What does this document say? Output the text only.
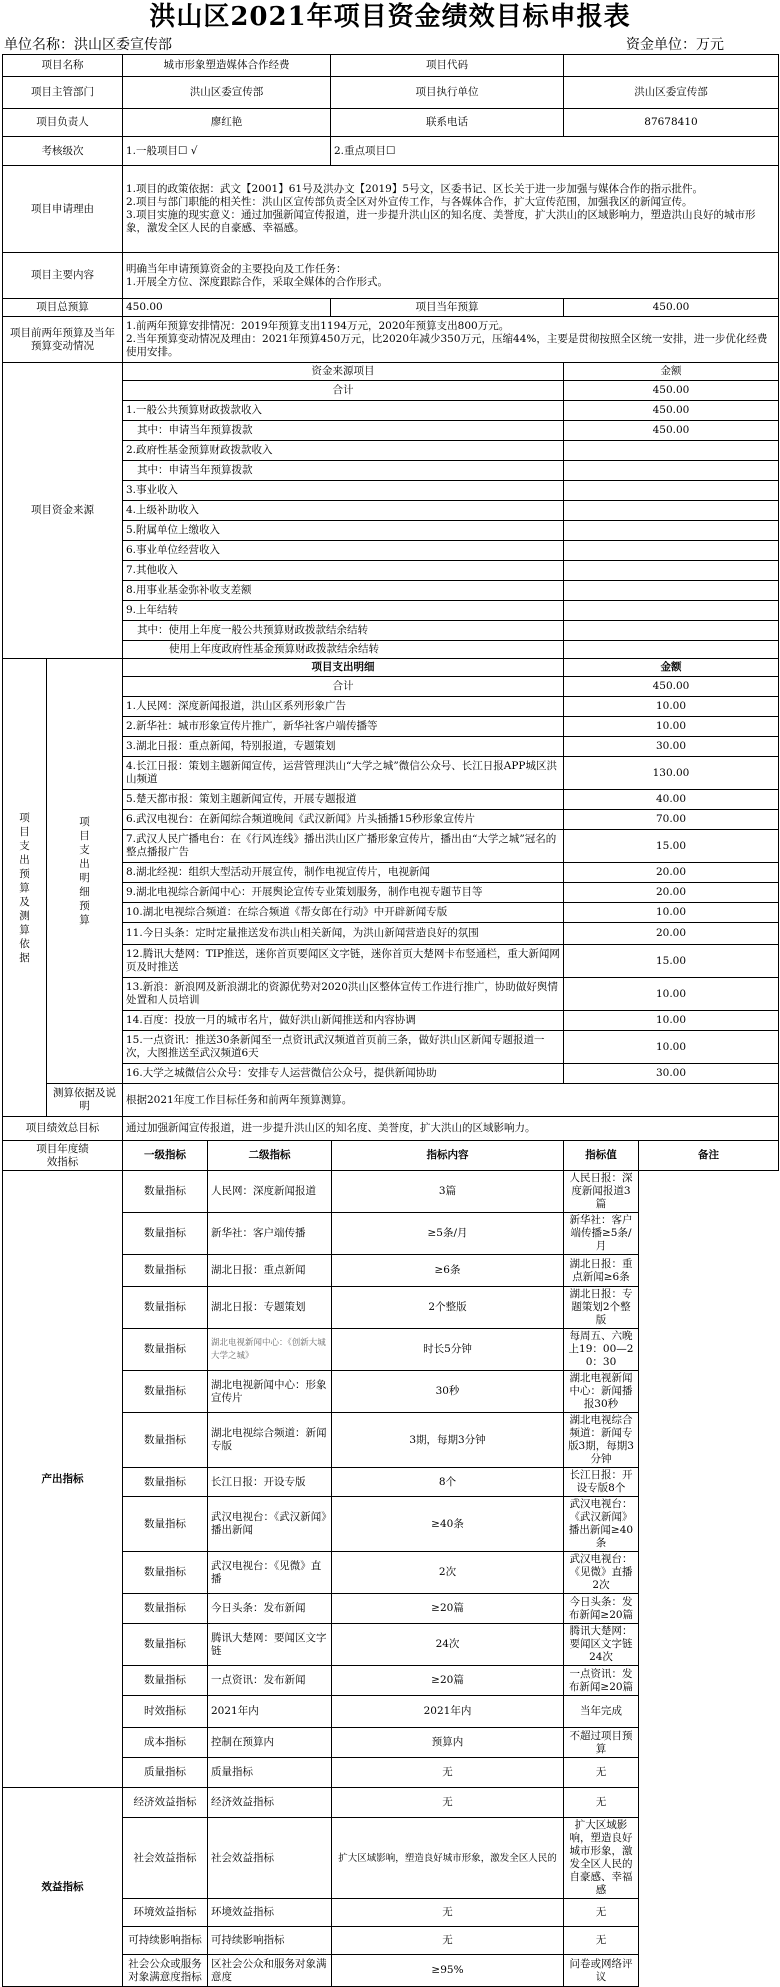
洪山区2021年项目资金绩效目标申报表
单位名称：洪山区委宣传部	资金单位：万元
项目名称	城市形象塑造媒体合作经费	项目代码	
项目主管部门	洪山区委宣传部	项目执行单位	洪山区委宣传部
项目负责人	廖红艳	联系电话	87678410
考核级次	1.一般项目☐ √	2.重点项目☐	
项目申请理由	1.项目的政策依据：武文【2001】61号及洪办文【2019】5号文，区委书记、区长关于进一步加强与媒体合作的指示批件。
2.项目与部门职能的相关性：洪山区宣传部负责全区对外宣传工作，与各媒体合作，扩大宣传范围，加强我区的新闻宣传。
3.项目实施的现实意义：通过加强新闻宣传报道，进一步提升洪山区的知名度、美誉度，扩大洪山的区域影响力，塑造洪山良好的城市形象，激发全区人民的自豪感、幸福感。		

项目主要内容	明确当年申请预算资金的主要投向及工作任务：
1.开展全方位、深度跟踪合作，采取全媒体的合作形式。		

项目总预算	450.00	项目当年预算	450.00
项目前两年预算及当年预算变动情况	1.前两年预算安排情况：2019年预算支出1194万元，2020年预算支出800万元。
2.当年预算变动情况及理由：2021年预算450万元，比2020年减少350万元，压缩44%，主要是贯彻按照全区统一安排，进一步优化经费使用安排。		
项目资金来源	资金来源项目	金额
	合计	450.00
	1.一般公共预算财政拨款收入	450.00
	其中：申请当年预算拨款	450.00
	2.政府性基金预算财政拨款收入	
	其中：申请当年预算拨款	
	3.事业收入	
	4.上级补助收入	
	5.附属单位上缴收入	
	6.事业单位经营收入	
	7.其他收入	
	8.用事业基金弥补收支差额	
	9.上年结转	
	其中：使用上年度一般公共预算财政拨款结余结转	
	使用上年度政府性基金预算财政拨款结余结转	
项目支出预算及测算依据	项目支出明细预算	项目支出明细	金额
		合计	450.00
		1.人民网：深度新闻报道，洪山区系列形象广告	10.00
		2.新华社：城市形象宣传片推广，新华社客户端传播等	10.00
		3.湖北日报：重点新闻，特别报道，专题策划	30.00
		4.长江日报：策划主题新闻宣传，运营管理洪山“大学之城”微信公众号、长江日报APP城区洪山频道	130.00
		5.楚天都市报：策划主题新闻宣传，开展专题报道	40.00
		6.武汉电视台：在新闻综合频道晚间《武汉新闻》片头插播15秒形象宣传片	70.00
		7.武汉人民广播电台：在《行风连线》播出洪山区广播形象宣传片，播出由“大学之城”冠名的整点播报广告	15.00
		8.湖北经视：组织大型活动开展宣传，制作电视宣传片，电视新闻	20.00
		9.湖北电视综合新闻中心：开展舆论宣传专业策划服务，制作电视专题节目等	20.00
		10.湖北电视综合频道：在综合频道《帮女郎在行动》中开辟新闻专版	10.00
		11.今日头条：定时定量推送发布洪山相关新闻，为洪山新闻营造良好的氛围	20.00
		12.腾讯大楚网：TIP推送，迷你首页要闻区文字链，迷你首页大楚网卡布竖通栏，重大新闻网页及时推送	15.00
		13.新浪：新浪网及新浪湖北的资源优势对2020洪山区整体宣传工作进行推广，协助做好舆情处置和人员培训	10.00
		14.百度：投放一月的城市名片，做好洪山新闻推送和内容协调	10.00
		15.一点资讯：推送30条新闻至一点资讯武汉频道首页前三条，做好洪山区新闻专题报道一次，大图推送至武汉频道6天	10.00
		16.大学之城微信公众号：安排专人运营微信公众号，提供新闻协助	30.00
	测算依据及说明	根据2021年度工作目标任务和前两年预算测算。	
项目绩效总目标	通过加强新闻宣传报道，进一步提升洪山区的知名度、美誉度，扩大洪山的区域影响力。
项目年度绩效指标	一级指标	二级指标	指标内容	指标值	备注
产出指标	数量指标	人民网：深度新闻报道	3篇	人民日报：深度新闻报道3篇	
	数量指标	新华社：客户端传播	≥5条/月	新华社：客户端传播≥5条/月	
	数量指标	湖北日报：重点新闻	≥6条	湖北日报：重点新闻≥6条	
	数量指标	湖北日报：专题策划	2个整版	湖北日报：专题策划2个整版	
	数量指标	湖北电视新闻中心：《创新大城大学之城》	时长5分钟	每周五、六晚上19：00—20：30	
	数量指标	湖北电视新闻中心：形象宣传片	30秒	湖北电视新闻中心：新闻播报30秒	
	数量指标	湖北电视综合频道：新闻专版	3期，每期3分钟	湖北电视综合频道：新闻专版3期，每期3分钟	
	数量指标	长江日报：开设专版	8个	长江日报：开设专版8个	
	数量指标	武汉电视台：《武汉新闻》播出新闻	≥40条	武汉电视台：《武汉新闻》播出新闻≥40条	
	数量指标	武汉电视台：《见微》直播	2次	武汉电视台：《见微》直播2次	
	数量指标	今日头条：发布新闻	≥20篇	今日头条：发布新闻≥20篇	
	数量指标	腾讯大楚网：要闻区文字链	24次	腾讯大楚网：要闻区文字链24次	
	数量指标	一点资讯：发布新闻	≥20篇	一点资讯：发布新闻≥20篇	
	时效指标	2021年内	2021年内	当年完成	
	成本指标	控制在预算内	预算内	不超过项目预算	
	质量指标	质量指标	无	无	
效益指标	经济效益指标	经济效益指标	无	无	
	社会效益指标	社会效益指标	扩大区域影响，塑造良好城市形象，激发全区人民的	扩大区域影响，塑造良好城市形象，激发全区人民的自豪感、幸福感	
	环境效益指标	环境效益指标	无	无	
	可持续影响指标	可持续影响指标	无	无	
	社会公众或服务对象满意度指标	区社会公众和服务对象满意度	≥95%	问卷或网络评议	
